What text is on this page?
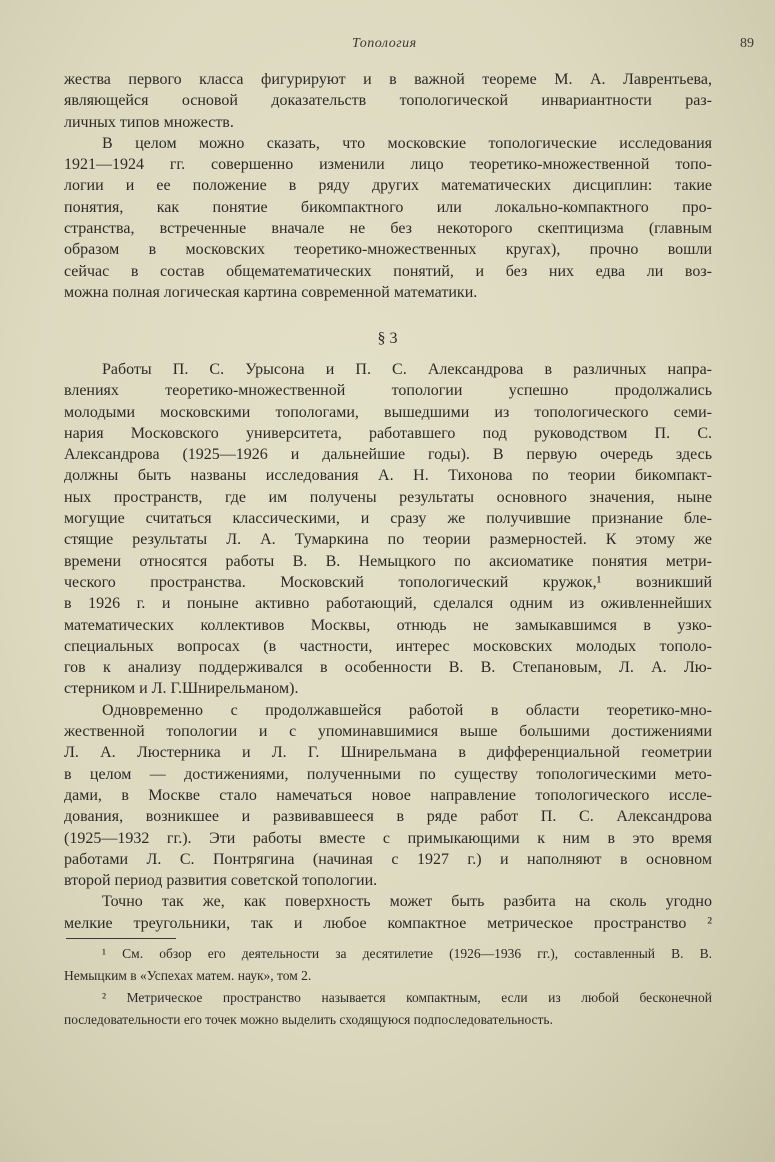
Топология	89
жества первого класса фигурируют и в важной теореме М. А. Лаврентьева,
являющейся основой доказательств топологической инвариантности раз-
личных типов множеств.
В целом можно сказать, что московские топологические исследования
1921—1924 гг. совершенно изменили лицо теоретико-множественной топо-
логии и ее положение в ряду других математических дисциплин: такие
понятия, как понятие бикомпактного или локально-компактного про-
странства, встреченные вначале не без некоторого скептицизма (главным
образом в московских теоретико-множественных кругах), прочно вошли
сейчас в состав общематематических понятий, и без них едва ли воз-
можна полная логическая картина современной математики.
§ 3
Работы П. С. Урысона и П. С. Александрова в различных напра-
влениях теоретико-множественной топологии успешно продолжались
молодыми московскими топологами, вышедшими из топологического семи-
нария Московского университета, работавшего под руководством П. С.
Александрова (1925—1926 и дальнейшие годы). В первую очередь здесь
должны быть названы исследования А. Н. Тихонова по теории бикомпакт-
ных пространств, где им получены результаты основного значения, ныне
могущие считаться классическими, и сразу же получившие признание бле-
стящие результаты Л. А. Тумаркина по теории размерностей. К этому же
времени относятся работы В. В. Немыцкого по аксиоматике понятия метри-
ческого пространства. Московский топологический кружок,¹ возникший
в 1926 г. и поныне активно работающий, сделался одним из оживленнейших
математических коллективов Москвы, отнюдь не замыкавшимся в узко-
специальных вопросах (в частности, интерес московских молодых тополо-
гов к анализу поддерживался в особенности В. В. Степановым, Л. А. Лю-
стерником и Л. Г.Шнирельманом).
Одновременно с продолжавшейся работой в области теоретико-мно-
жественной топологии и с упоминавшимися выше большими достижениями
Л. А. Люстерника и Л. Г. Шнирельмана в дифференциальной геометрии
в целом — достижениями, полученными по существу топологическими мето-
дами, в Москве стало намечаться новое направление топологического иссле-
дования, возникшее и развивавшееся в ряде работ П. С. Александрова
(1925—1932 гг.). Эти работы вместе с примыкающими к ним в это время
работами Л. С. Понтрягина (начиная с 1927 г.) и наполняют в основном
второй период развития советской топологии.
Точно так же, как поверхность может быть разбита на сколь угодно
мелкие треугольники, так и любое компактное метрическое пространство ²
¹ См. обзор его деятельности за десятилетие (1926—1936 гг.), составленный В. В.
Немыцким в «Успехах матем. наук», том 2.
² Метрическое пространство называется компактным, если из любой бесконечной
последовательности его точек можно выделить сходящуюся подпоследовательность.
